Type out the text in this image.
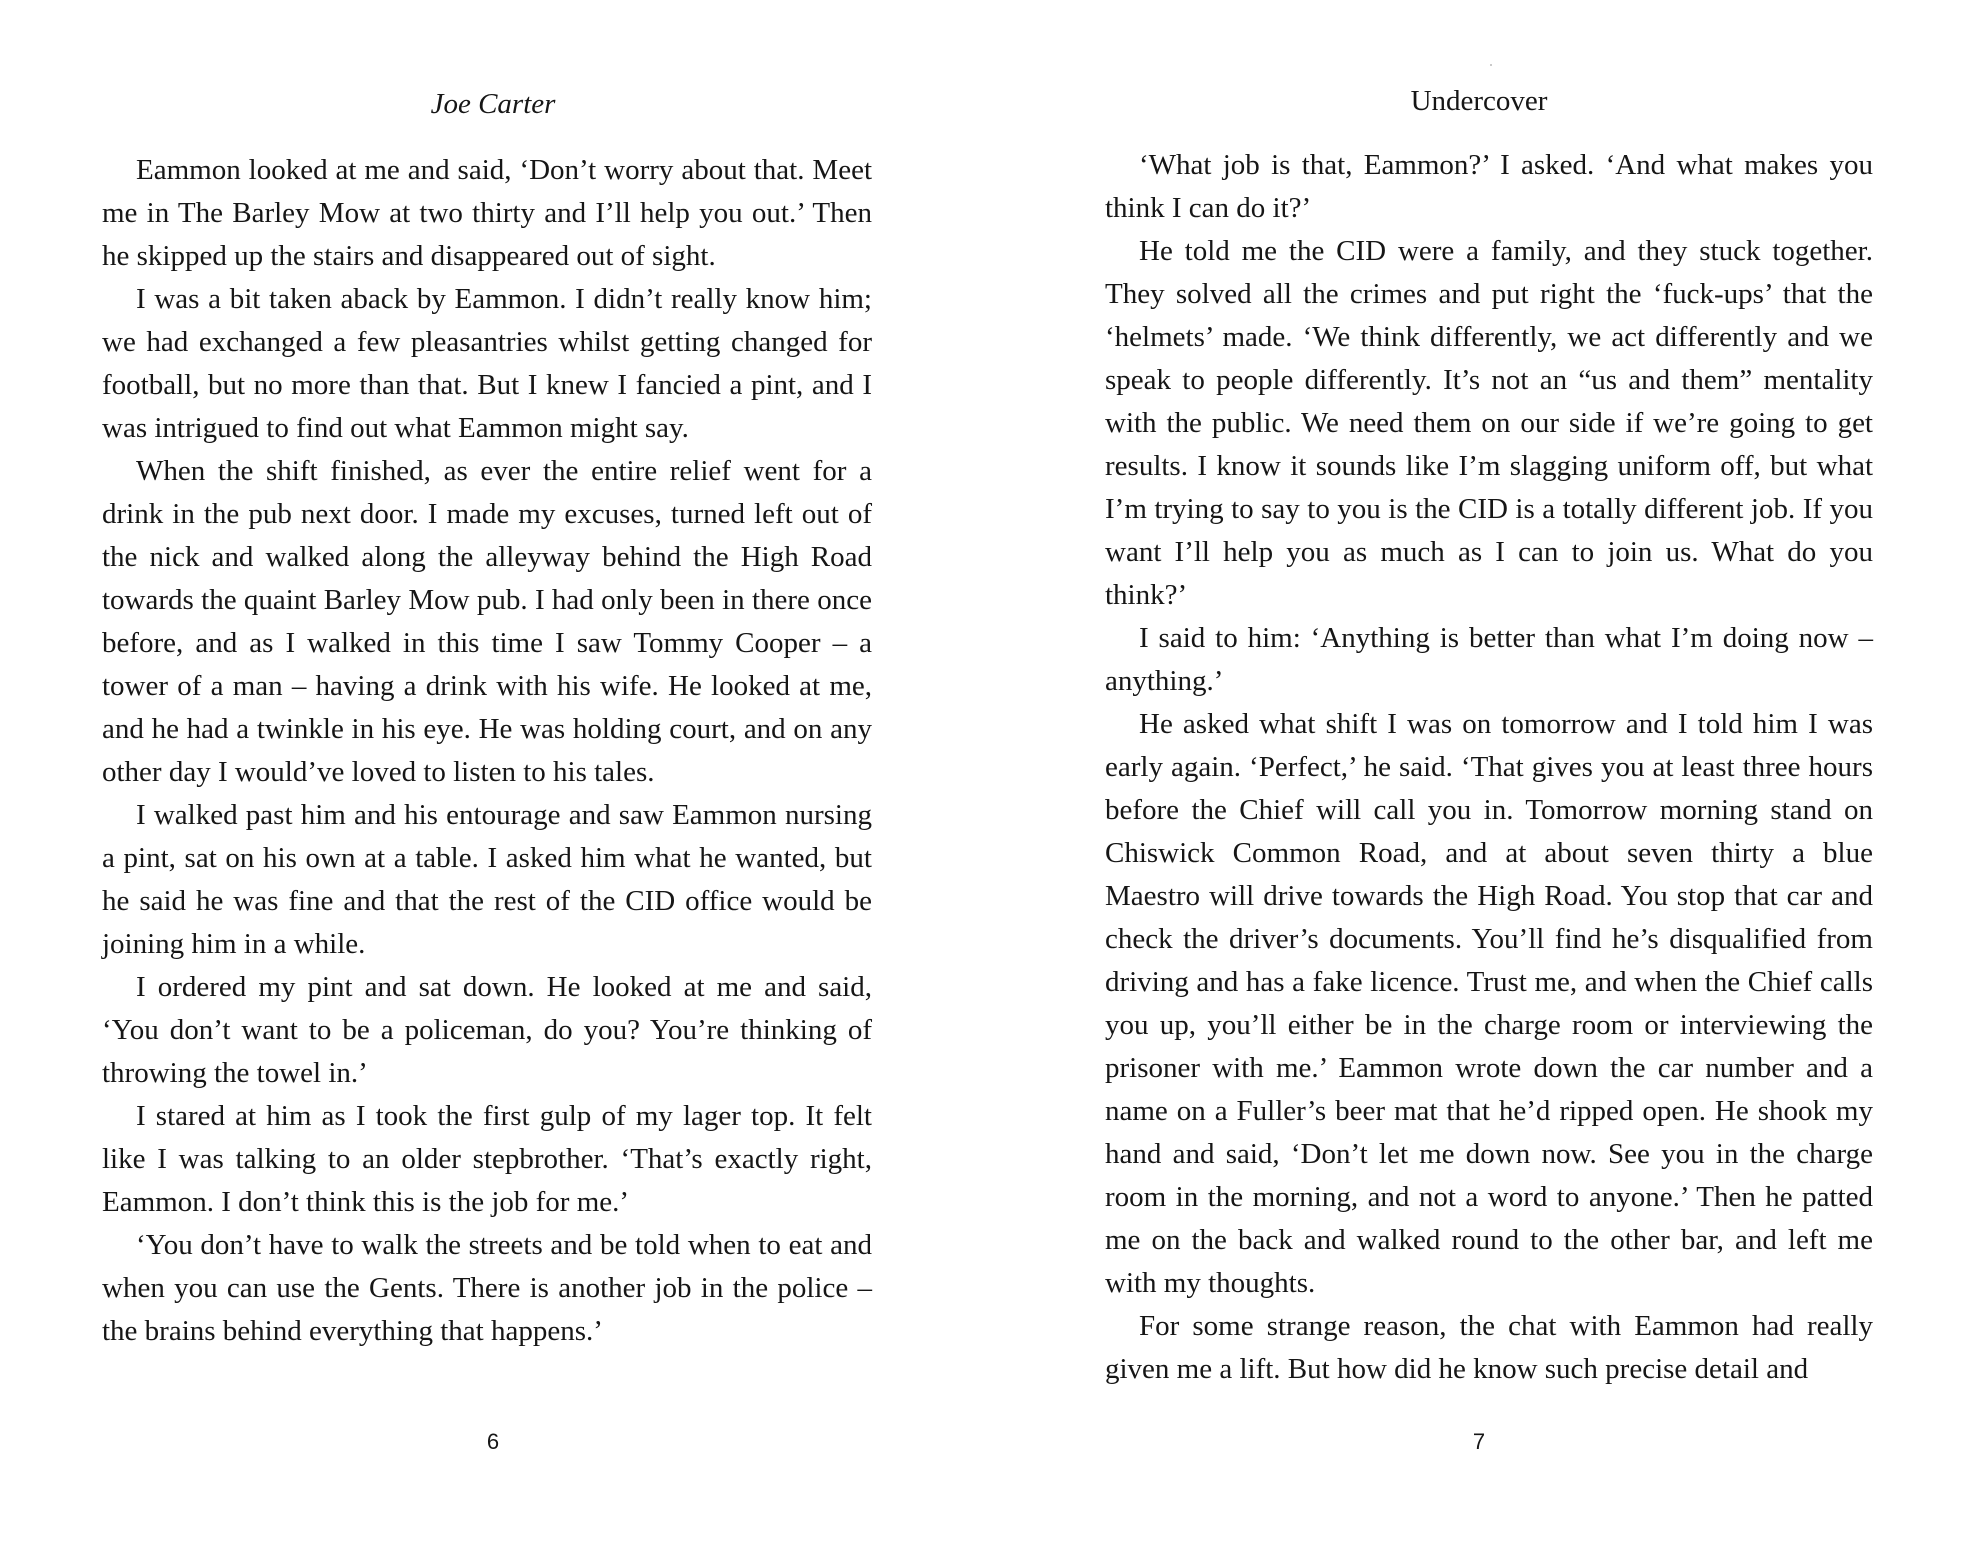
Joe Carter

Eammon looked at me and said, ‘Don’t worry about that. Meet me in The Barley Mow at two thirty and I’ll help you out.’ Then he skipped up the stairs and disappeared out of sight.

I was a bit taken aback by Eammon. I didn’t really know him; we had exchanged a few pleasantries whilst getting changed for football, but no more than that. But I knew I fancied a pint, and I was intrigued to find out what Eammon might say.

When the shift finished, as ever the entire relief went for a drink in the pub next door. I made my excuses, turned left out of the nick and walked along the alleyway behind the High Road towards the quaint Barley Mow pub. I had only been in there once before, and as I walked in this time I saw Tommy Cooper – a tower of a man – having a drink with his wife. He looked at me, and he had a twinkle in his eye. He was holding court, and on any other day I would’ve loved to listen to his tales.

I walked past him and his entourage and saw Eammon nursing a pint, sat on his own at a table. I asked him what he wanted, but he said he was fine and that the rest of the CID office would be joining him in a while.

I ordered my pint and sat down. He looked at me and said, ‘You don’t want to be a policeman, do you? You’re thinking of throwing the towel in.’

I stared at him as I took the first gulp of my lager top. It felt like I was talking to an older stepbrother. ‘That’s exactly right, Eammon. I don’t think this is the job for me.’

‘You don’t have to walk the streets and be told when to eat and when you can use the Gents. There is another job in the police – the brains behind everything that happens.’

6
Undercover

‘What job is that, Eammon?’ I asked. ‘And what makes you think I can do it?’

He told me the CID were a family, and they stuck together. They solved all the crimes and put right the ‘fuck-ups’ that the ‘helmets’ made. ‘We think differently, we act differently and we speak to people differently. It’s not an “us and them” mentality with the public. We need them on our side if we’re going to get results. I know it sounds like I’m slagging uniform off, but what I’m trying to say to you is the CID is a totally different job. If you want I’ll help you as much as I can to join us. What do you think?’

I said to him: ‘Anything is better than what I’m doing now – anything.’

He asked what shift I was on tomorrow and I told him I was early again. ‘Perfect,’ he said. ‘That gives you at least three hours before the Chief will call you in. Tomorrow morning stand on Chiswick Common Road, and at about seven thirty a blue Maestro will drive towards the High Road. You stop that car and check the driver’s documents. You’ll find he’s disqualified from driving and has a fake licence. Trust me, and when the Chief calls you up, you’ll either be in the charge room or interviewing the prisoner with me.’ Eammon wrote down the car number and a name on a Fuller’s beer mat that he’d ripped open. He shook my hand and said, ‘Don’t let me down now. See you in the charge room in the morning, and not a word to anyone.’ Then he patted me on the back and walked round to the other bar, and left me with my thoughts.

For some strange reason, the chat with Eammon had really given me a lift. But how did he know such precise detail and

7
